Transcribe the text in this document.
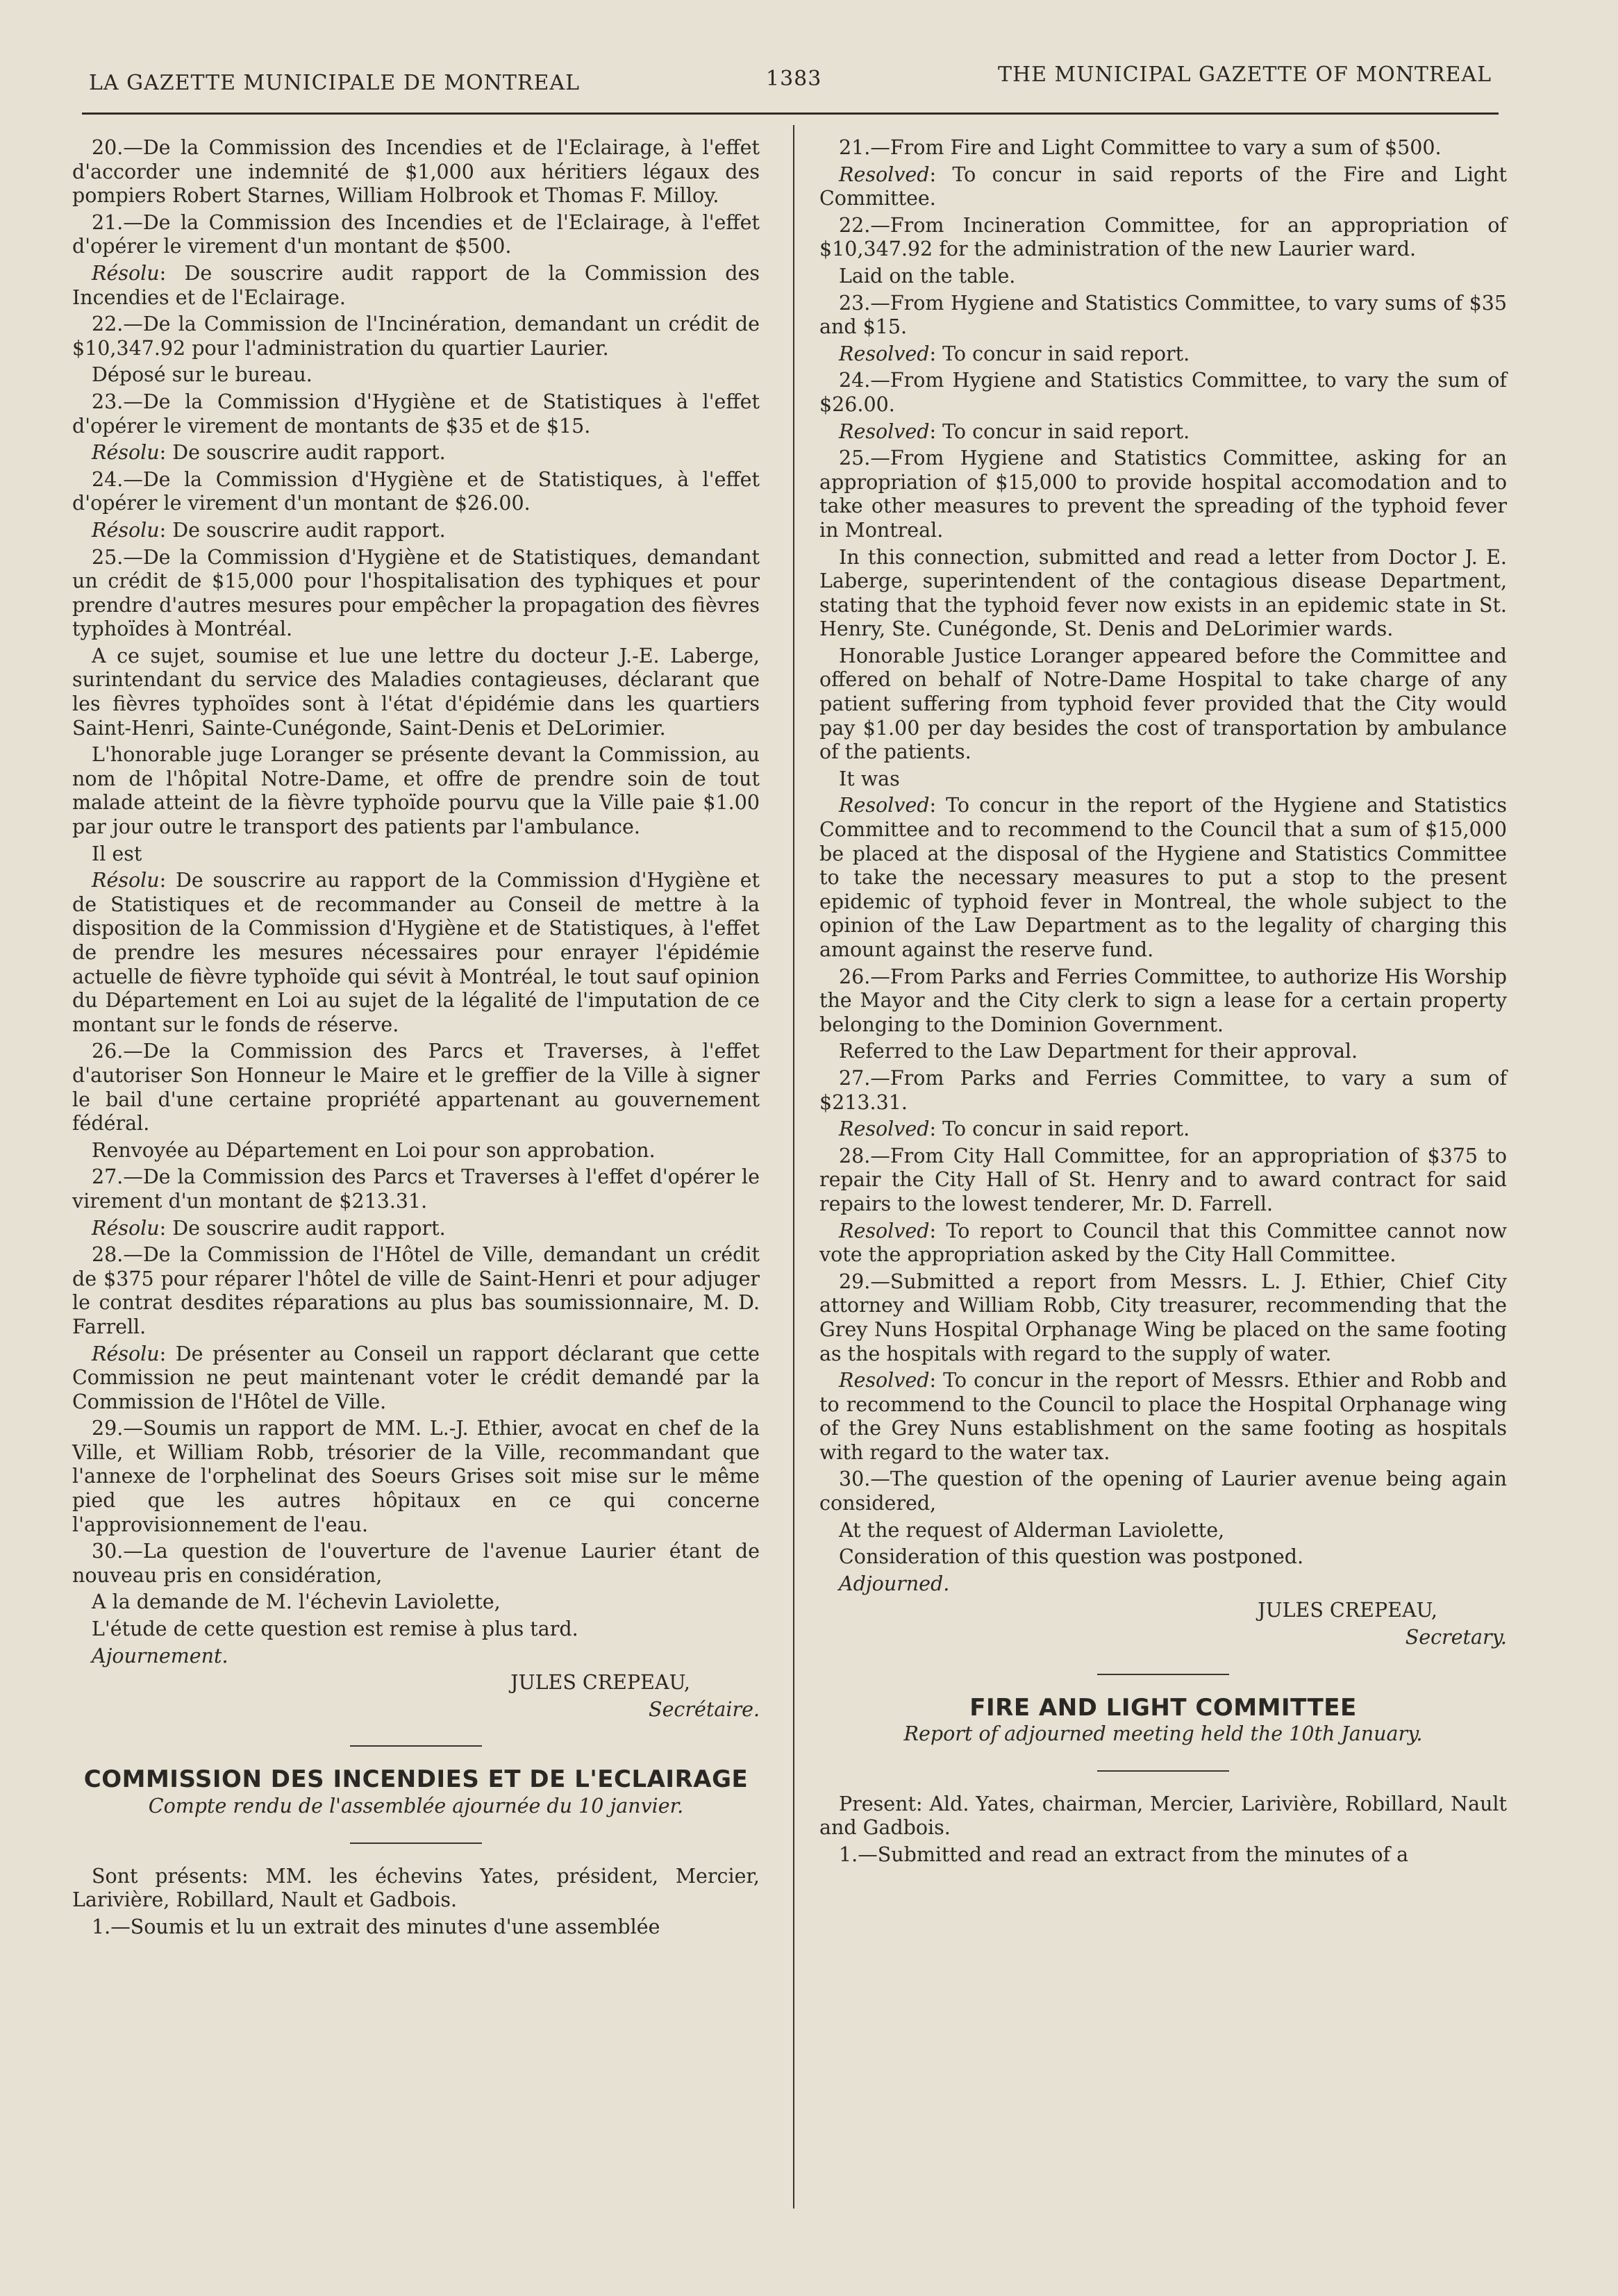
LA GAZETTE MUNICIPALE DE MONTREAL	1383	THE MUNICIPAL GAZETTE OF MONTREAL

20.—De la Commission des Incendies et de l'Eclairage, à l'effet d'accorder une indemnité de $1,000 aux héritiers légaux des pompiers Robert Starnes, William Holbrook et Thomas F. Milloy.

21.—De la Commission des Incendies et de l'Eclairage, à l'effet d'opérer le virement d'un montant de $500.

Résolu: De souscrire audit rapport de la Commission des Incendies et de l'Eclairage.

22.—De la Commission de l'Incinération, demandant un crédit de $10,347.92 pour l'administration du quartier Laurier.

Déposé sur le bureau.

23.—De la Commission d'Hygiène et de Statistiques à l'effet d'opérer le virement de montants de $35 et de $15.

Résolu: De souscrire audit rapport.

24.—De la Commission d'Hygiène et de Statistiques, à l'effet d'opérer le virement d'un montant de $26.00.

Résolu: De souscrire audit rapport.

25.—De la Commission d'Hygiène et de Statistiques, demandant un crédit de $15,000 pour l'hospitalisation des typhiques et pour prendre d'autres mesures pour empêcher la propagation des fièvres typhoïdes à Montréal.

A ce sujet, soumise et lue une lettre du docteur J.-E. Laberge, surintendant du service des Maladies contagieuses, déclarant que les fièvres typhoïdes sont à l'état d'épidémie dans les quartiers Saint-Henri, Sainte-Cunégonde, Saint-Denis et DeLorimier.

L'honorable juge Loranger se présente devant la Commission, au nom de l'hôpital Notre-Dame, et offre de prendre soin de tout malade atteint de la fièvre typhoïde pourvu que la Ville paie $1.00 par jour outre le transport des patients par l'ambulance.

Il est

Résolu: De souscrire au rapport de la Commission d'Hygiène et de Statistiques et de recommander au Conseil de mettre à la disposition de la Commission d'Hygiène et de Statistiques, à l'effet de prendre les mesures nécessaires pour enrayer l'épidémie actuelle de fièvre typhoïde qui sévit à Montréal, le tout sauf opinion du Département en Loi au sujet de la légalité de l'imputation de ce montant sur le fonds de réserve.

26.—De la Commission des Parcs et Traverses, à l'effet d'autoriser Son Honneur le Maire et le greffier de la Ville à signer le bail d'une certaine propriété appartenant au gouvernement fédéral.

Renvoyée au Département en Loi pour son approbation.

27.—De la Commission des Parcs et Traverses à l'effet d'opérer le virement d'un montant de $213.31.

Résolu: De souscrire audit rapport.

28.—De la Commission de l'Hôtel de Ville, demandant un crédit de $375 pour réparer l'hôtel de ville de Saint-Henri et pour adjuger le contrat desdites réparations au plus bas soumissionnaire, M. D. Farrell.

Résolu: De présenter au Conseil un rapport déclarant que cette Commission ne peut maintenant voter le crédit demandé par la Commission de l'Hôtel de Ville.

29.—Soumis un rapport de MM. L.-J. Ethier, avocat en chef de la Ville, et William Robb, trésorier de la Ville, recommandant que l'annexe de l'orphelinat des Soeurs Grises soit mise sur le même pied que les autres hôpitaux en ce qui concerne l'approvisionnement de l'eau.

30.—La question de l'ouverture de l'avenue Laurier étant de nouveau pris en considération,

A la demande de M. l'échevin Laviolette,

L'étude de cette question est remise à plus tard.

Ajournement.

JULES CREPEAU,

Secrétaire.

COMMISSION DES INCENDIES ET DE L'ECLAIRAGE

Compte rendu de l'assemblée ajournée du 10 janvier.

Sont présents: MM. les échevins Yates, président, Mercier, Larivière, Robillard, Nault et Gadbois.

1.—Soumis et lu un extrait des minutes d'une assemblée

21.—From Fire and Light Committee to vary a sum of $500.

Resolved: To concur in said reports of the Fire and Light Committee.

22.—From Incineration Committee, for an appropriation of $10,347.92 for the administration of the new Laurier ward.

Laid on the table.

23.—From Hygiene and Statistics Committee, to vary sums of $35 and $15.

Resolved: To concur in said report.

24.—From Hygiene and Statistics Committee, to vary the sum of $26.00.

Resolved: To concur in said report.

25.—From Hygiene and Statistics Committee, asking for an appropriation of $15,000 to provide hospital accomodation and to take other measures to prevent the spreading of the typhoid fever in Montreal.

In this connection, submitted and read a letter from Doctor J. E. Laberge, superintendent of the contagious disease Department, stating that the typhoid fever now exists in an epidemic state in St. Henry, Ste. Cunégonde, St. Denis and DeLorimier wards.

Honorable Justice Loranger appeared before the Committee and offered on behalf of Notre-Dame Hospital to take charge of any patient suffering from typhoid fever provided that the City would pay $1.00 per day besides the cost of transportation by ambulance of the patients.

It was

Resolved: To concur in the report of the Hygiene and Statistics Committee and to recommend to the Council that a sum of $15,000 be placed at the disposal of the Hygiene and Statistics Committee to take the necessary measures to put a stop to the present epidemic of typhoid fever in Montreal, the whole subject to the opinion of the Law Department as to the legality of charging this amount against the reserve fund.

26.—From Parks and Ferries Committee, to authorize His Worship the Mayor and the City clerk to sign a lease for a certain property belonging to the Dominion Government.

Referred to the Law Department for their approval.

27.—From Parks and Ferries Committee, to vary a sum of $213.31.

Resolved: To concur in said report.

28.—From City Hall Committee, for an appropriation of $375 to repair the City Hall of St. Henry and to award contract for said repairs to the lowest tenderer, Mr. D. Farrell.

Resolved: To report to Council that this Committee cannot now vote the appropriation asked by the City Hall Committee.

29.—Submitted a report from Messrs. L. J. Ethier, Chief City attorney and William Robb, City treasurer, recommending that the Grey Nuns Hospital Orphanage Wing be placed on the same footing as the hospitals with regard to the supply of water.

Resolved: To concur in the report of Messrs. Ethier and Robb and to recommend to the Council to place the Hospital Orphanage wing of the Grey Nuns establishment on the same footing as hospitals with regard to the water tax.

30.—The question of the opening of Laurier avenue being again considered,

At the request of Alderman Laviolette,

Consideration of this question was postponed.

Adjourned.

JULES CREPEAU,

Secretary.

FIRE AND LIGHT COMMITTEE

Report of adjourned meeting held the 10th January.

Present: Ald. Yates, chairman, Mercier, Larivière, Robillard, Nault and Gadbois.

1.—Submitted and read an extract from the minutes of a
